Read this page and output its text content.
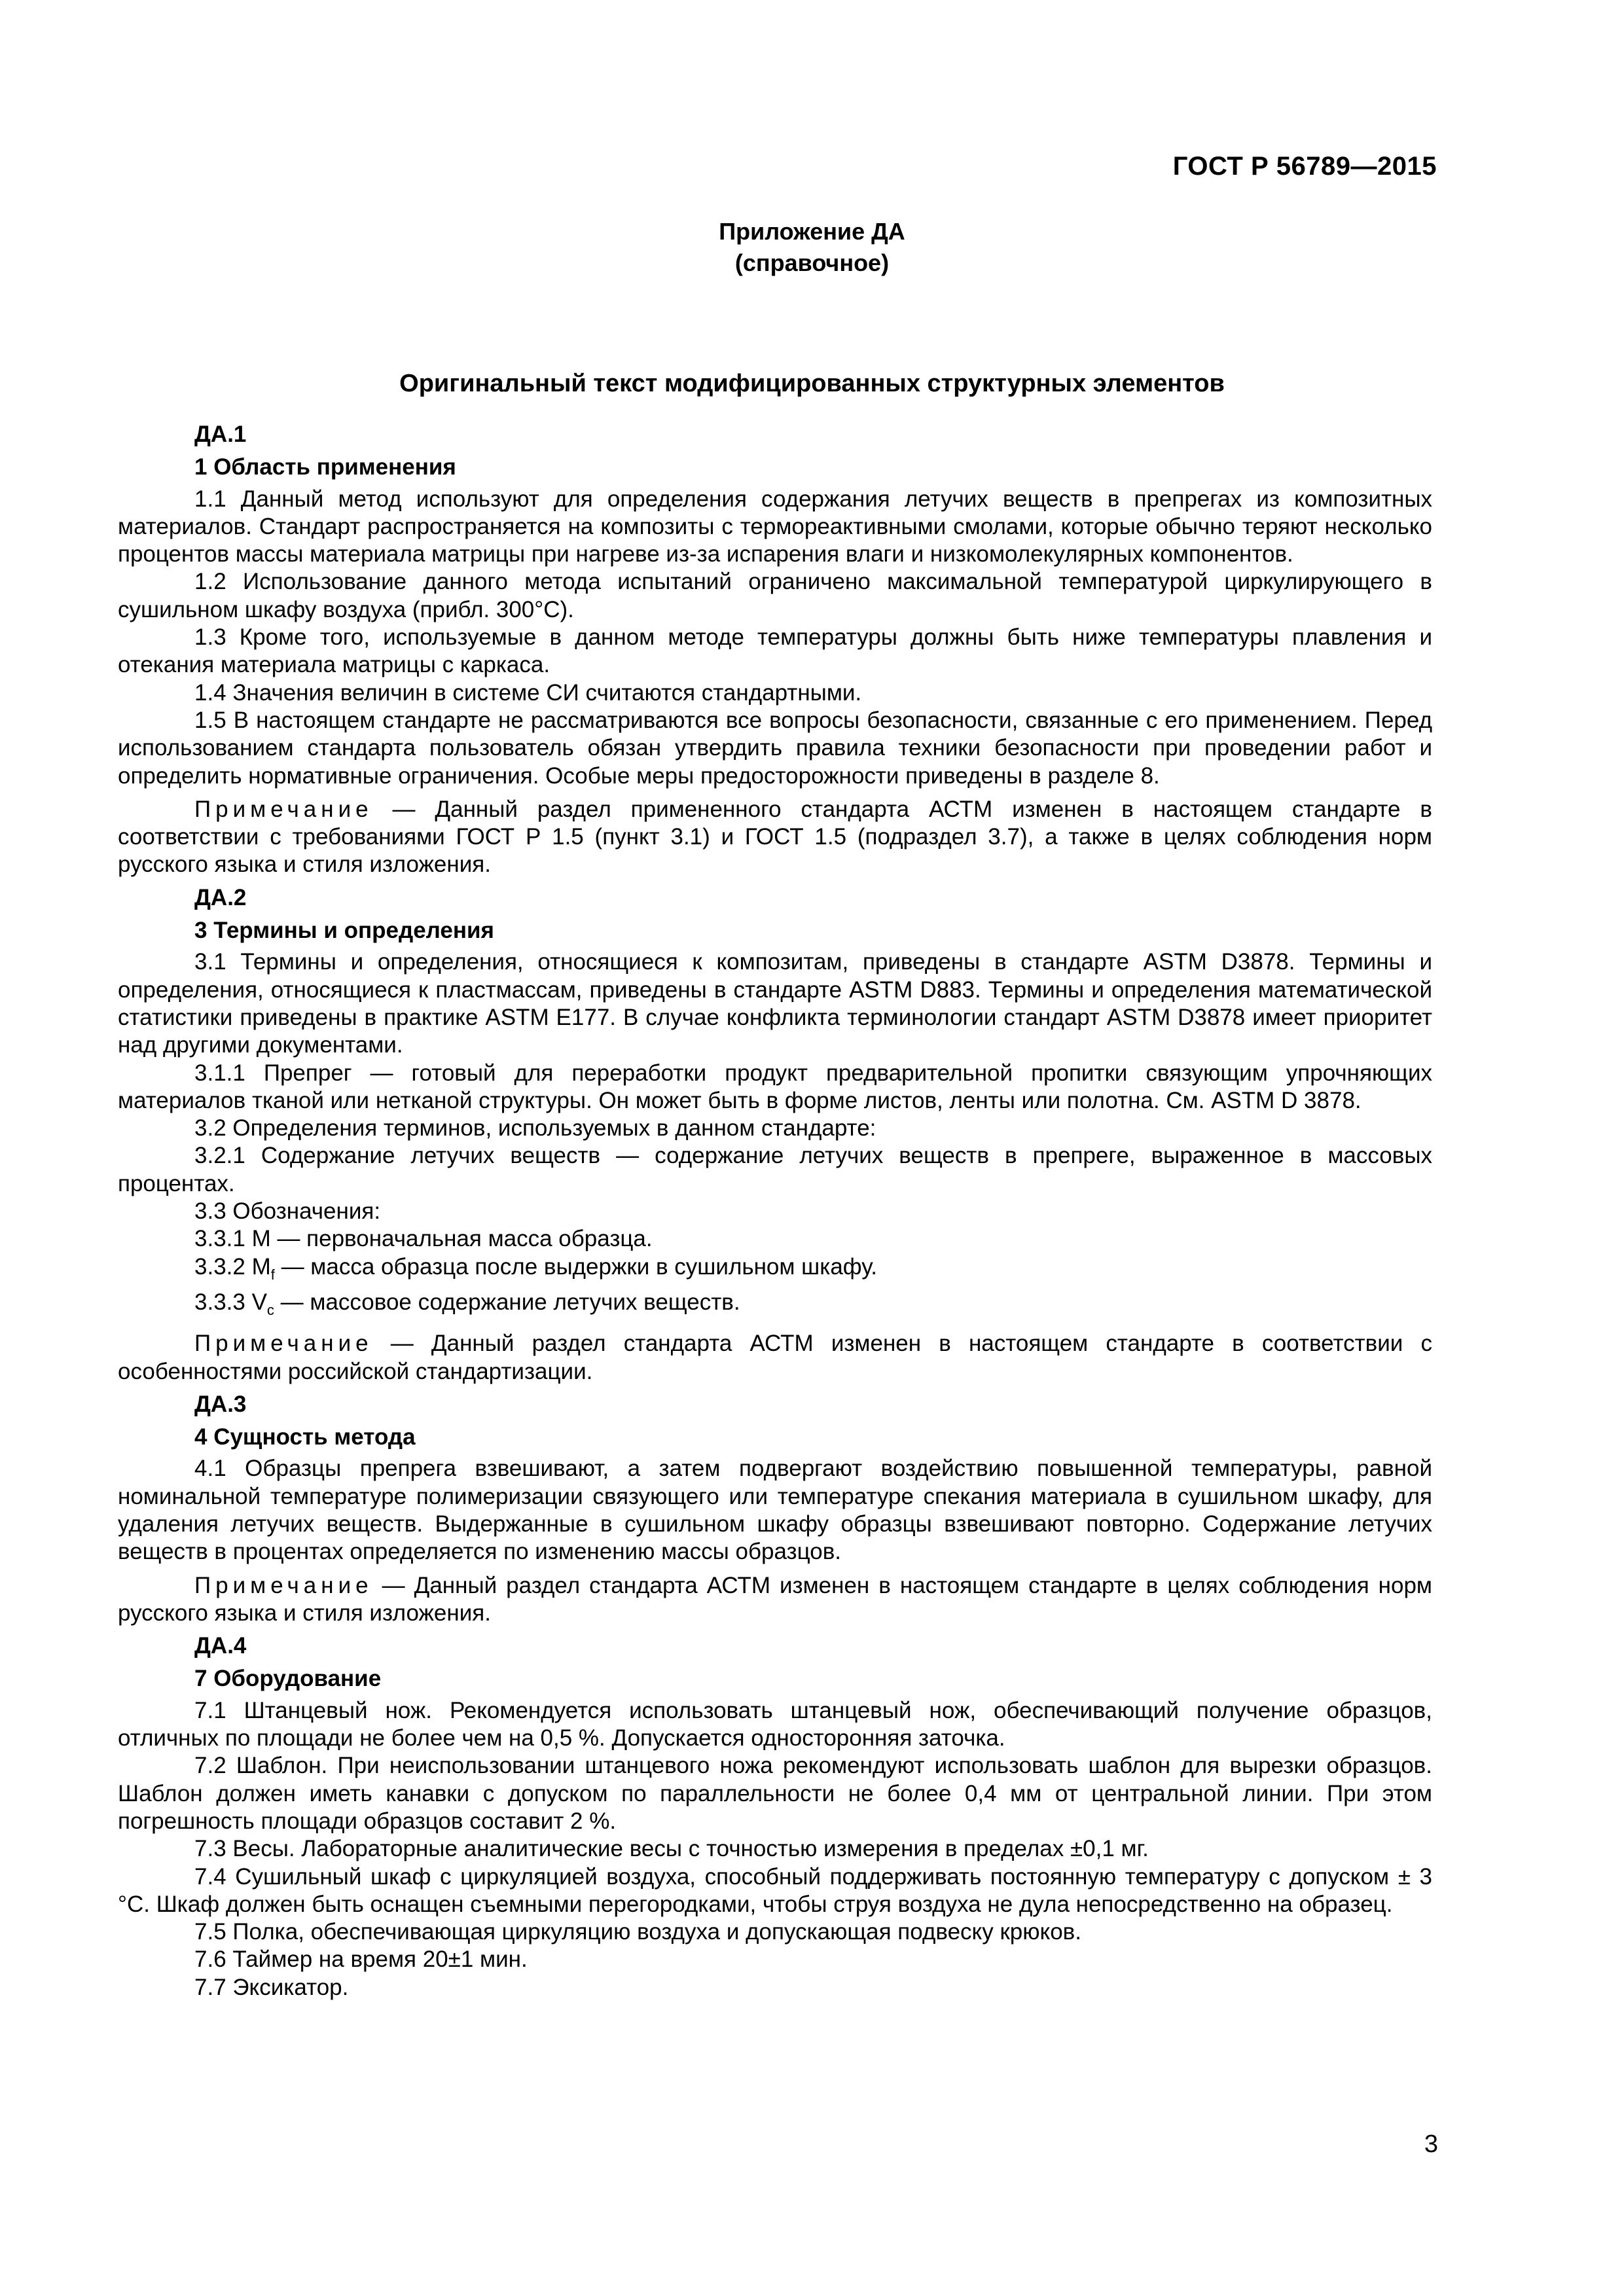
ГОСТ Р 56789—2015
Приложение ДА
(справочное)
Оригинальный текст модифицированных структурных элементов

ДА.1

1 Область применения

1.1 Данный метод используют для определения содержания летучих веществ в препрегах из композитных материалов. Стандарт распространяется на композиты с термореактивными смолами, которые обычно теряют несколько процентов массы материала матрицы при нагреве из-за испарения влаги и низкомолекулярных компонентов.

1.2 Использование данного метода испытаний ограничено максимальной температурой циркулирующего в сушильном шкафу воздуха (прибл. 300°С).

1.3 Кроме того, используемые в данном методе температуры должны быть ниже температуры плавления и отекания материала матрицы с каркаса.

1.4 Значения величин в системе СИ считаются стандартными.

1.5 В настоящем стандарте не рассматриваются все вопросы безопасности, связанные с его применением. Перед использованием стандарта пользователь обязан утвердить правила техники безопасности при проведении работ и определить нормативные ограничения. Особые меры предосторожности приведены в разделе 8.

Примечание — Данный раздел примененного стандарта АСТМ изменен в настоящем стандарте в соответствии с требованиями ГОСТ Р 1.5 (пункт 3.1) и ГОСТ 1.5 (подраздел 3.7), а также в целях соблюдения норм русского языка и стиля изложения.

ДА.2

3 Термины и определения

3.1 Термины и определения, относящиеся к композитам, приведены в стандарте ASTM D3878. Термины и определения, относящиеся к пластмассам, приведены в стандарте ASTM D883. Термины и определения математической статистики приведены в практике ASTM E177. В случае конфликта терминологии стандарт ASTM D3878 имеет приоритет над другими документами.

3.1.1 Препрег — готовый для переработки продукт предварительной пропитки связующим упрочняющих материалов тканой или нетканой структуры. Он может быть в форме листов, ленты или полотна. См. ASTM D 3878.

3.2 Определения терминов, используемых в данном стандарте:

3.2.1 Содержание летучих веществ — содержание летучих веществ в препреге, выраженное в массовых процентах.

3.3 Обозначения:

3.3.1 M — первоначальная масса образца.

3.3.2 $M_f$ — масса образца после выдержки в сушильном шкафу.

3.3.3 $V_c$ — массовое содержание летучих веществ.

Примечание — Данный раздел стандарта АСТМ изменен в настоящем стандарте в соответствии с особенностями российской стандартизации.

ДА.3

4 Сущность метода

4.1 Образцы препрега взвешивают, а затем подвергают воздействию повышенной температуры, равной номинальной температуре полимеризации связующего или температуре спекания материала в сушильном шкафу, для удаления летучих веществ. Выдержанные в сушильном шкафу образцы взвешивают повторно. Содержание летучих веществ в процентах определяется по изменению массы образцов.

Примечание — Данный раздел стандарта АСТМ изменен в настоящем стандарте в целях соблюдения норм русского языка и стиля изложения.

ДА.4

7 Оборудование

7.1 Штанцевый нож. Рекомендуется использовать штанцевый нож, обеспечивающий получение образцов, отличных по площади не более чем на 0,5 %. Допускается односторонняя заточка.

7.2 Шаблон. При неиспользовании штанцевого ножа рекомендуют использовать шаблон для вырезки образцов. Шаблон должен иметь канавки с допуском по параллельности не более 0,4 мм от центральной линии. При этом погрешность площади образцов составит 2 %.

7.3 Весы. Лабораторные аналитические весы с точностью измерения в пределах ±0,1 мг.

7.4 Сушильный шкаф с циркуляцией воздуха, способный поддерживать постоянную температуру с допуском ± 3 °С. Шкаф должен быть оснащен съемными перегородками, чтобы струя воздуха не дула непосредственно на образец.

7.5 Полка, обеспечивающая циркуляцию воздуха и допускающая подвеску крюков.

7.6 Таймер на время 20±1 мин.

7.7 Эксикатор.

3
